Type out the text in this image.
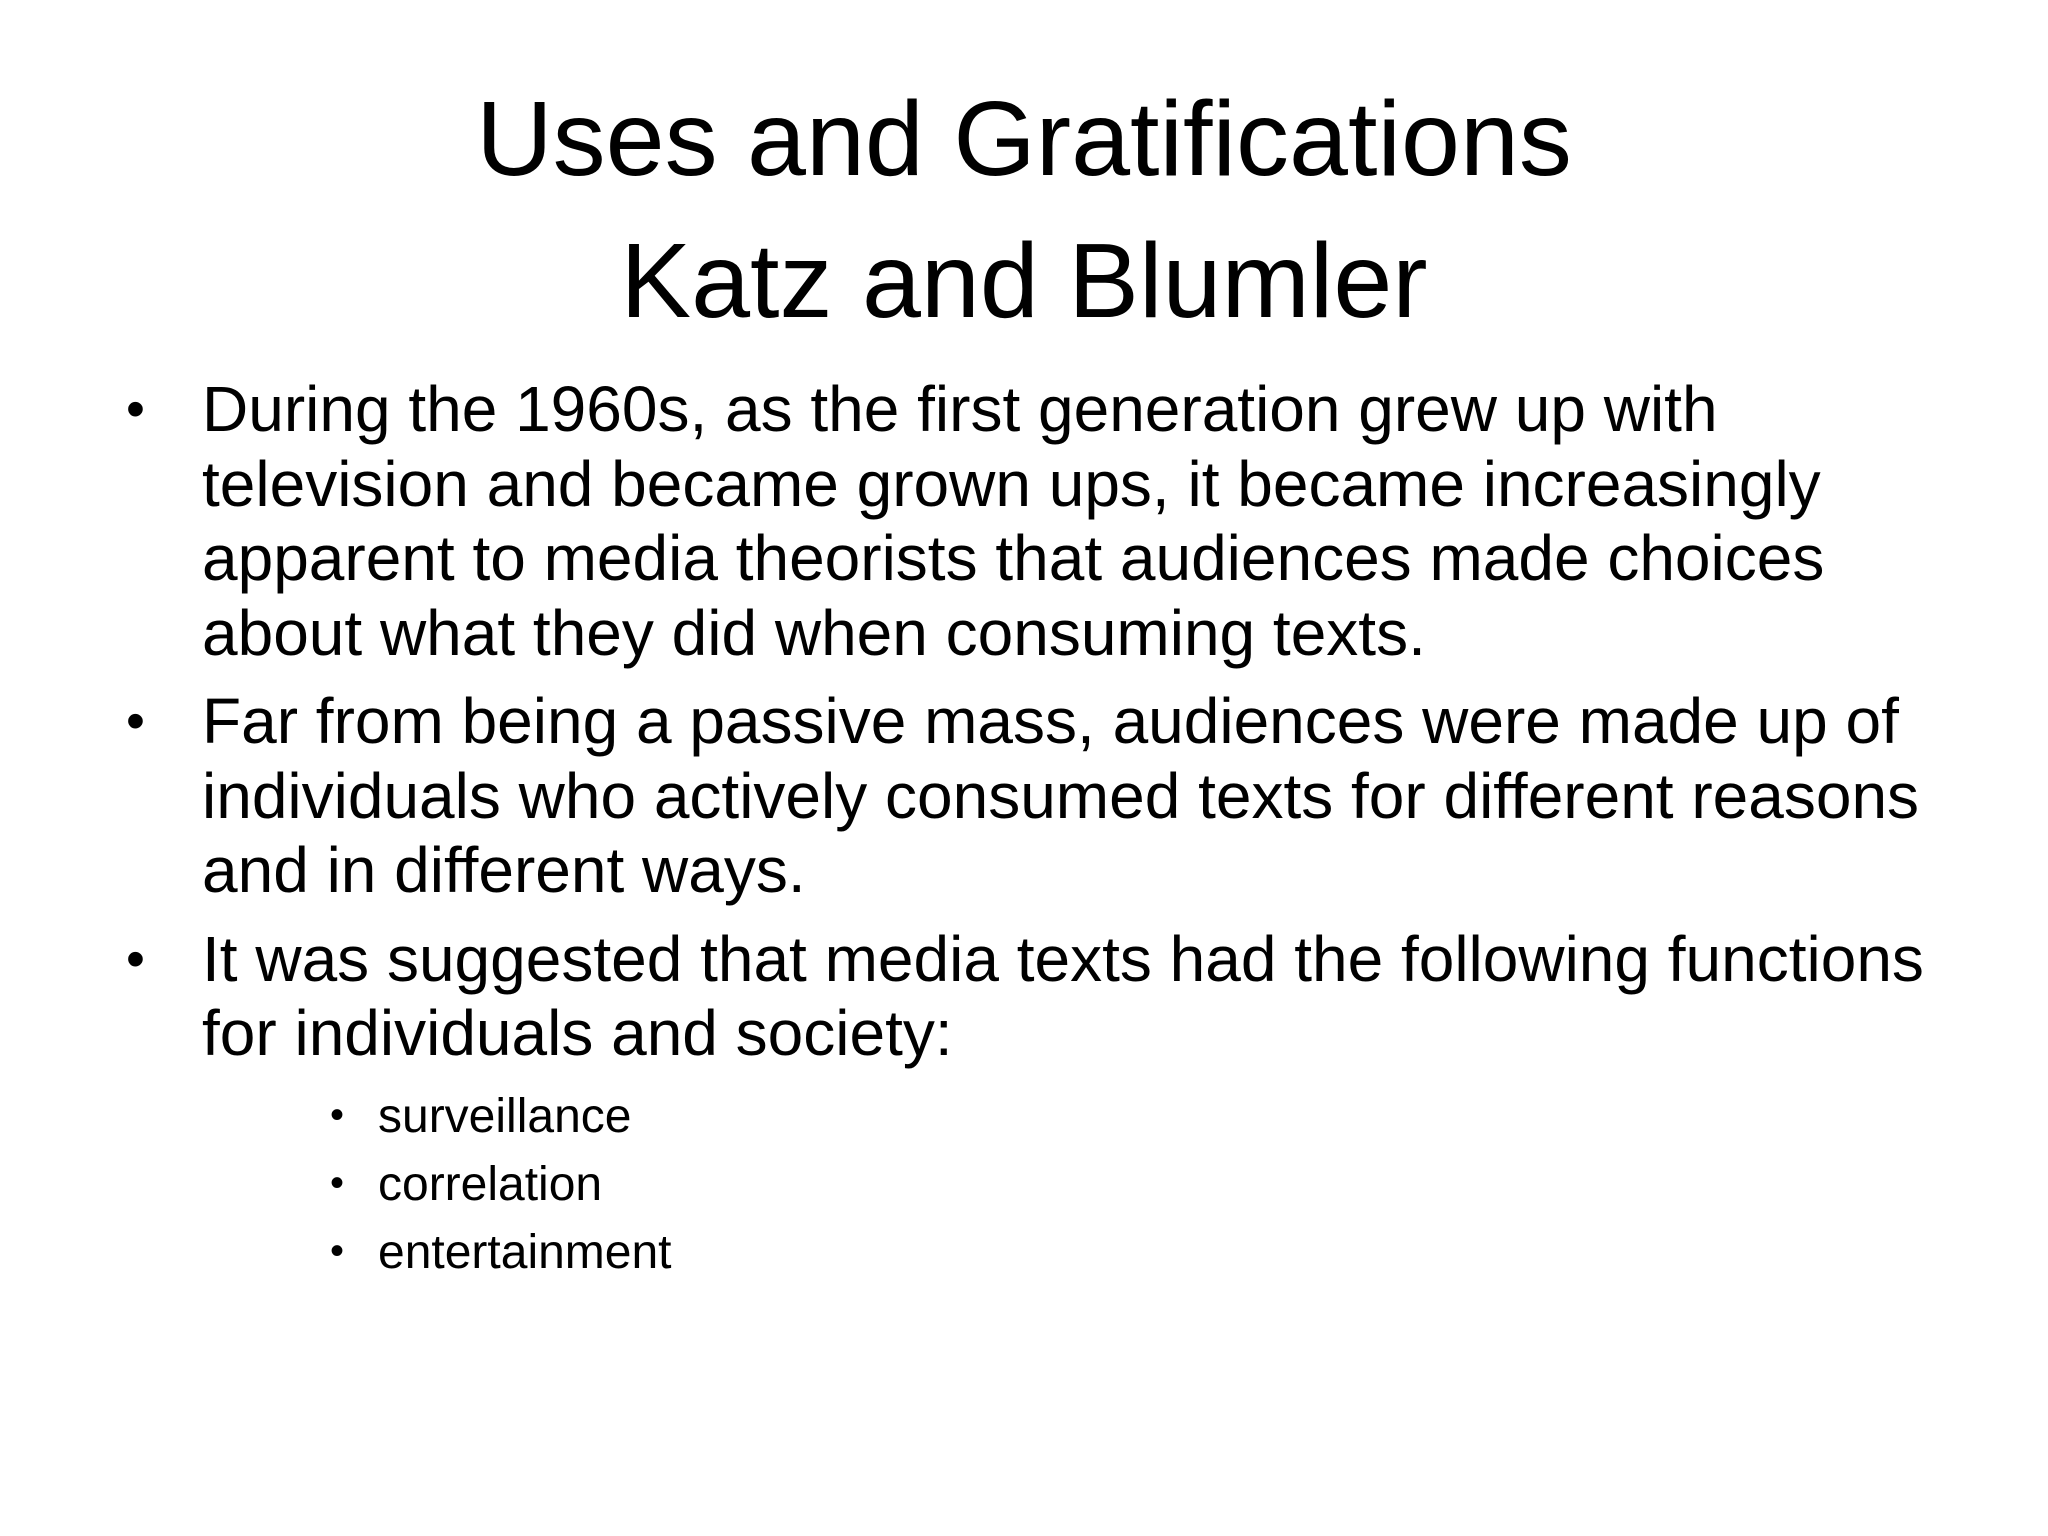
Uses and Gratifications
Katz and Blumler
• During the 1960s, as the first generation grew up with television and became grown ups, it became increasingly apparent to media theorists that audiences made choices about what they did when consuming texts.
• Far from being a passive mass, audiences were made up of individuals who actively consumed texts for different reasons and in different ways.
• It was suggested that media texts had the following functions for individuals and society:
• surveillance
• correlation
• entertainment
